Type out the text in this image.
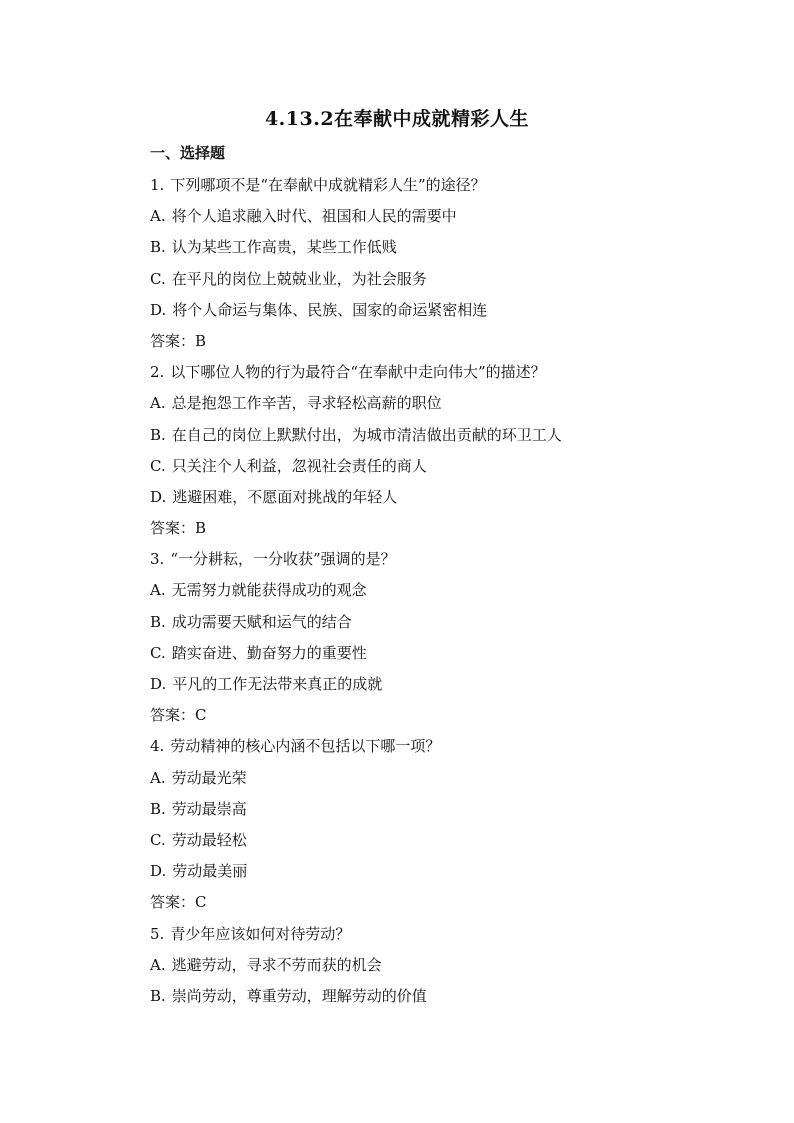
4.13.2在奉献中成就精彩人生
一、选择题
1. 下列哪项不是“在奉献中成就精彩人生”的途径？
A. 将个人追求融入时代、祖国和人民的需要中
B. 认为某些工作高贵，某些工作低贱
C. 在平凡的岗位上兢兢业业，为社会服务
D. 将个人命运与集体、民族、国家的命运紧密相连
答案：B
2. 以下哪位人物的行为最符合“在奉献中走向伟大”的描述？
A. 总是抱怨工作辛苦，寻求轻松高薪的职位
B. 在自己的岗位上默默付出，为城市清洁做出贡献的环卫工人
C. 只关注个人利益，忽视社会责任的商人
D. 逃避困难，不愿面对挑战的年轻人
答案：B
3. “一分耕耘，一分收获”强调的是？
A. 无需努力就能获得成功的观念
B. 成功需要天赋和运气的结合
C. 踏实奋进、勤奋努力的重要性
D. 平凡的工作无法带来真正的成就
答案：C
4. 劳动精神的核心内涵不包括以下哪一项？
A. 劳动最光荣
B. 劳动最崇高
C. 劳动最轻松
D. 劳动最美丽
答案：C
5. 青少年应该如何对待劳动？
A. 逃避劳动，寻求不劳而获的机会
B. 崇尚劳动，尊重劳动，理解劳动的价值
